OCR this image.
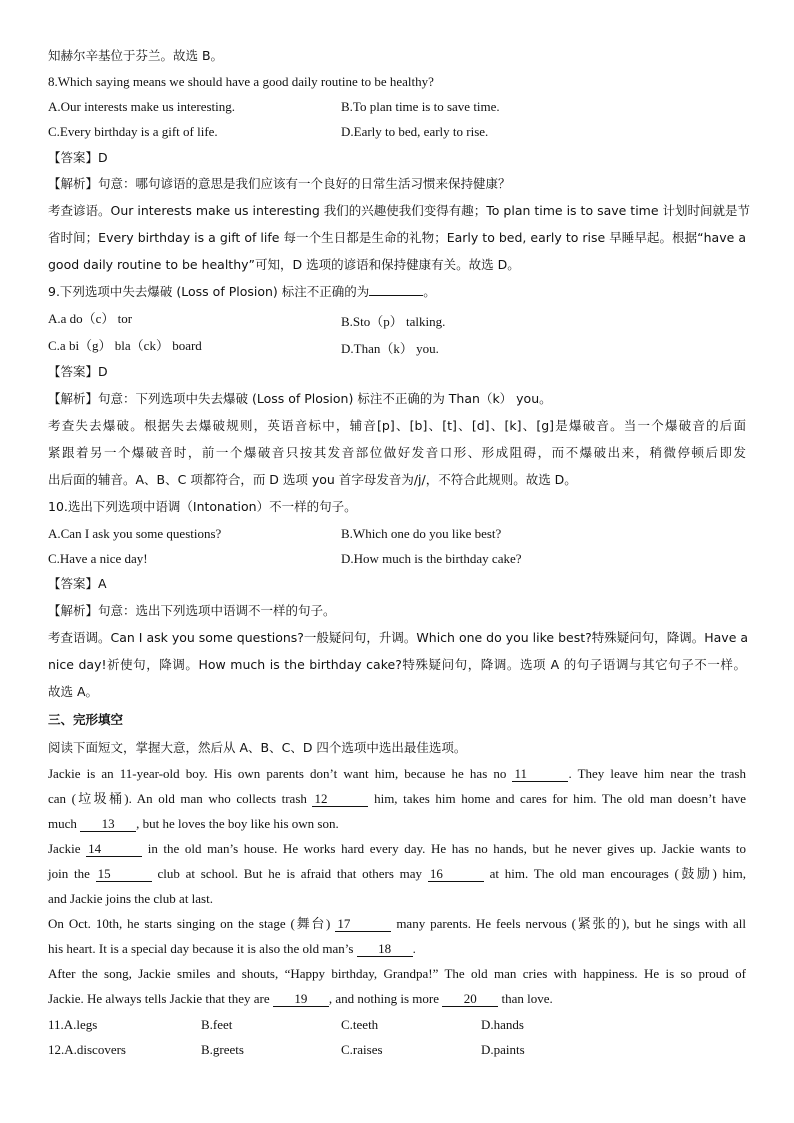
知赫尔辛基位于芬兰。故选 B。
8.Which saying means we should have a good daily routine to be healthy?
A.Our interests make us interesting.	B.To plan time is to save time.
C.Every birthday is a gift of life.	D.Early to bed, early to rise.
【答案】D
【解析】句意：哪句谚语的意思是我们应该有一个良好的日常生活习惯来保持健康？
考查谚语。Our interests make us interesting 我们的兴趣使我们变得有趣；To plan time is to save time 计划时间就是节
省时间；Every birthday is a gift of life 每一个生日都是生命的礼物；Early to bed, early to rise 早睡早起。根据“have a
good daily routine to be healthy”可知，D 选项的谚语和保持健康有关。故选 D。
9.下列选项中失去爆破 (Loss of Plosion) 标注不正确的为	。
A.a do（c） tor	B.Sto（p） talking.
C.a bi（g） bla（ck） board	D.Than（k） you.
【答案】D
【解析】句意：下列选项中失去爆破 (Loss of Plosion) 标注不正确的为 Than（k） you。
考查失去爆破。根据失去爆破规则，英语音标中，辅音[p]、[b]、[t]、[d]、[k]、[g]是爆破音。当一个爆破音的后面
紧跟着另一个爆破音时，前一个爆破音只按其发音部位做好发音口形、形成阻碍，而不爆破出来，稍微停顿后即发
出后面的辅音。A、B、C 项都符合，而 D 选项 you 首字母发音为/j/，不符合此规则。故选 D。
10.选出下列选项中语调（Intonation）不一样的句子。
A.Can I ask you some questions?	B.Which one do you like best?
C.Have a nice day!	D.How much is the birthday cake?
【答案】A
【解析】句意：选出下列选项中语调不一样的句子。
考查语调。Can I ask you some questions?一般疑问句，升调。Which one do you like best?特殊疑问句，降调。Have a
nice day!祈使句，降调。How much is the birthday cake?特殊疑问句，降调。选项 A 的句子语调与其它句子不一样。
故选 A。
三、完形填空
阅读下面短文，掌握大意，然后从 A、B、C、D 四个选项中选出最佳选项。
Jackie is an 11-year-old boy. His own parents don’t want him, because he has no 11	. They leave him near the trash
can (垃圾桶). An old man who collects trash 12	him, takes him home and cares for him. The old man doesn’t have
much 13 , but he loves the boy like his own son.
Jackie 14	in the old man’s house. He works hard every day. He has no hands, but he never gives up. Jackie wants to
join the 15	club at school. But he is afraid that others may 16	at him. The old man encourages (鼓励) him,
and Jackie joins the club at last.
On Oct. 10th, he starts singing on the stage (舞台) 17	many parents. He feels nervous (紧张的), but he sings with all
his heart. It is a special day because it is also the old man’s 18 .
After the song, Jackie smiles and shouts, “Happy birthday, Grandpa!” The old man cries with happiness. He is so proud of
Jackie. He always tells Jackie that they are 19 , and nothing is more 20 than love.
11.A.legs	B.feet	C.teeth	D.hands
12.A.discovers	B.greets	C.raises	D.paints
